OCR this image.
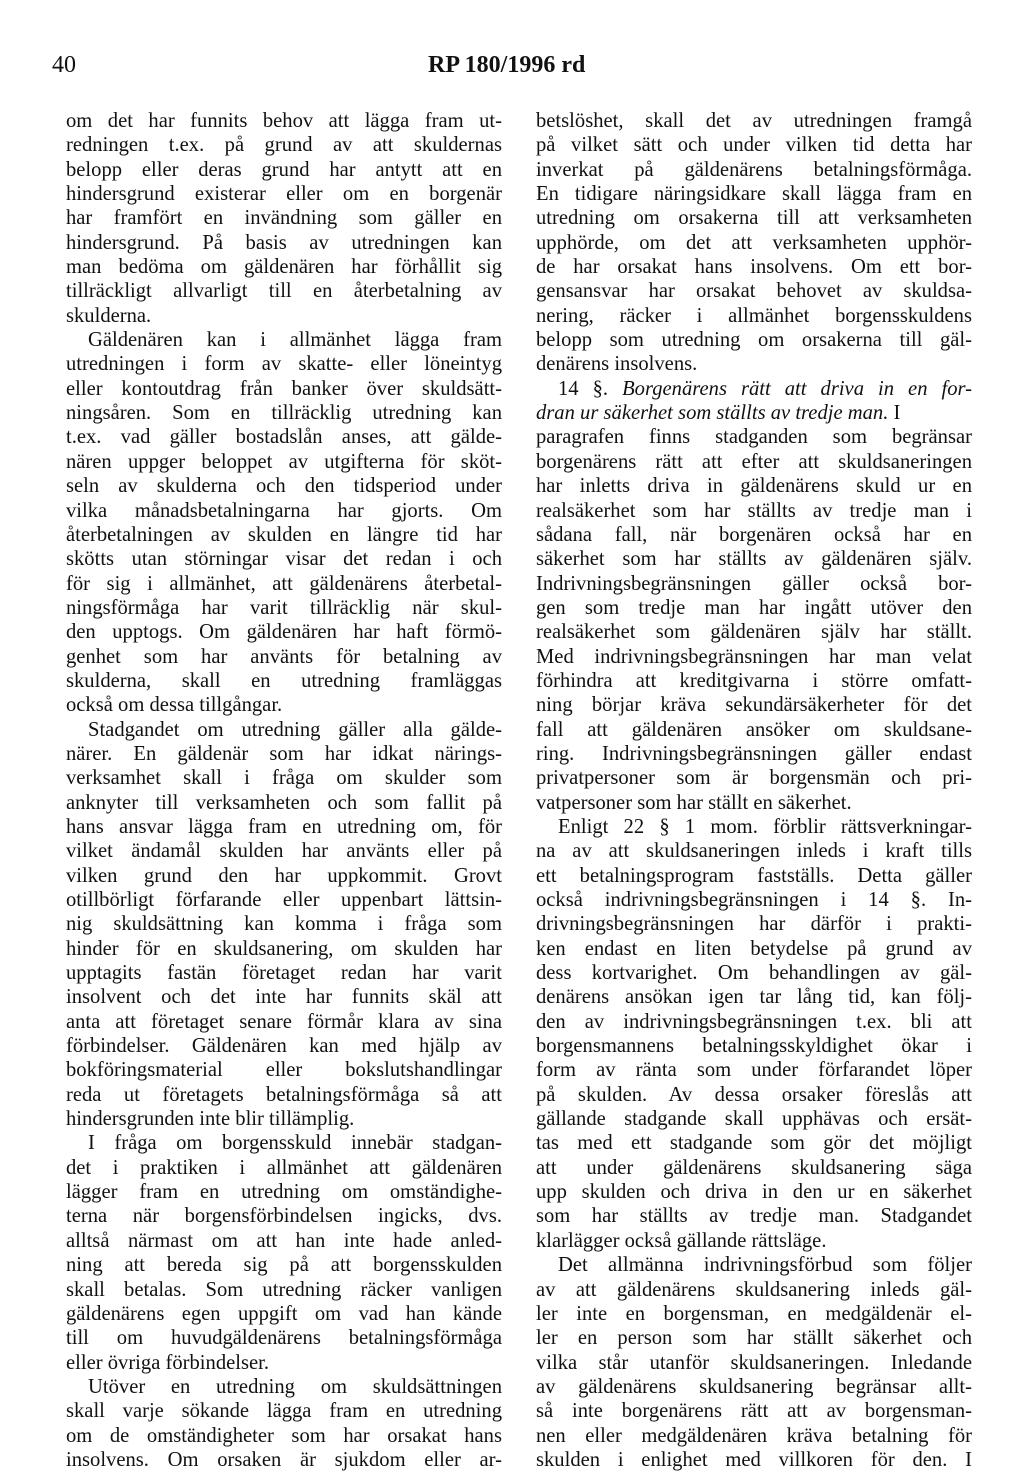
40	RP 180/1996 rd
om det har funnits behov att lägga fram ut-
redningen t.ex. på grund av att skuldernas
belopp eller deras grund har antytt att en
hindersgrund existerar eller om en borgenär
har framfört en invändning som gäller en
hindersgrund. På basis av utredningen kan
man bedöma om gäldenären har förhållit sig
tillräckligt allvarligt till en återbetalning av
skulderna.
Gäldenären kan i allmänhet lägga fram
utredningen i form av skatte- eller löneintyg
eller kontoutdrag från banker över skuldsätt-
ningsåren. Som en tillräcklig utredning kan
t.ex. vad gäller bostadslån anses, att gälde-
nären uppger beloppet av utgifterna för sköt-
seln av skulderna och den tidsperiod under
vilka månadsbetalningarna har gjorts. Om
återbetalningen av skulden en längre tid har
skötts utan störningar visar det redan i och
för sig i allmänhet, att gäldenärens återbetal-
ningsförmåga har varit tillräcklig när skul-
den upptogs. Om gäldenären har haft förmö-
genhet som har använts för betalning av
skulderna, skall en utredning framläggas
också om dessa tillgångar.
Stadgandet om utredning gäller alla gälde-
närer. En gäldenär som har idkat närings-
verksamhet skall i fråga om skulder som
anknyter till verksamheten och som fallit på
hans ansvar lägga fram en utredning om, för
vilket ändamål skulden har använts eller på
vilken grund den har uppkommit. Grovt
otillbörligt förfarande eller uppenbart lättsin-
nig skuldsättning kan komma i fråga som
hinder för en skuldsanering, om skulden har
upptagits fastän företaget redan har varit
insolvent och det inte har funnits skäl att
anta att företaget senare förmår klara av sina
förbindelser. Gäldenären kan med hjälp av
bokföringsmaterial eller bokslutshandlingar
reda ut företagets betalningsförmåga så att
hindersgrunden inte blir tillämplig.
I fråga om borgensskuld innebär stadgan-
det i praktiken i allmänhet att gäldenären
lägger fram en utredning om omständighe-
terna när borgensförbindelsen ingicks, dvs.
alltså närmast om att han inte hade anled-
ning att bereda sig på att borgensskulden
skall betalas. Som utredning räcker vanligen
gäldenärens egen uppgift om vad han kände
till om huvudgäldenärens betalningsförmåga
eller övriga förbindelser.
Utöver en utredning om skuldsättningen
skall varje sökande lägga fram en utredning
om de omständigheter som har orsakat hans
insolvens. Om orsaken är sjukdom eller ar-
betslöshet, skall det av utredningen framgå
på vilket sätt och under vilken tid detta har
inverkat på gäldenärens betalningsförmåga.
En tidigare näringsidkare skall lägga fram en
utredning om orsakerna till att verksamheten
upphörde, om det att verksamheten upphör-
de har orsakat hans insolvens. Om ett bor-
gensansvar har orsakat behovet av skuldsa-
nering, räcker i allmänhet borgensskuldens
belopp som utredning om orsakerna till gäl-
denärens insolvens.
14 §. Borgenärens rätt att driva in en for-
dran ur säkerhet som ställts av tredje man. I
paragrafen finns stadganden som begränsar
borgenärens rätt att efter att skuldsaneringen
har inletts driva in gäldenärens skuld ur en
realsäkerhet som har ställts av tredje man i
sådana fall, när borgenären också har en
säkerhet som har ställts av gäldenären själv.
Indrivningsbegränsningen gäller också bor-
gen som tredje man har ingått utöver den
realsäkerhet som gäldenären själv har ställt.
Med indrivningsbegränsningen har man velat
förhindra att kreditgivarna i större omfatt-
ning börjar kräva sekundärsäkerheter för det
fall att gäldenären ansöker om skuldsane-
ring. Indrivningsbegränsningen gäller endast
privatpersoner som är borgensmän och pri-
vatpersoner som har ställt en säkerhet.
Enligt 22 § 1 mom. förblir rättsverkningar-
na av att skuldsaneringen inleds i kraft tills
ett betalningsprogram fastställs. Detta gäller
också indrivningsbegränsningen i 14 §. In-
drivningsbegränsningen har därför i prakti-
ken endast en liten betydelse på grund av
dess kortvarighet. Om behandlingen av gäl-
denärens ansökan igen tar lång tid, kan följ-
den av indrivningsbegränsningen t.ex. bli att
borgensmannens betalningsskyldighet ökar i
form av ränta som under förfarandet löper
på skulden. Av dessa orsaker föreslås att
gällande stadgande skall upphävas och ersät-
tas med ett stadgande som gör det möjligt
att under gäldenärens skuldsanering säga
upp skulden och driva in den ur en säkerhet
som har ställts av tredje man. Stadgandet
klarlägger också gällande rättsläge.
Det allmänna indrivningsförbud som följer
av att gäldenärens skuldsanering inleds gäl-
ler inte en borgensman, en medgäldenär el-
ler en person som har ställt säkerhet och
vilka står utanför skuldsaneringen. Inledande
av gäldenärens skuldsanering begränsar allt-
så inte borgenärens rätt att av borgensman-
nen eller medgäldenären kräva betalning för
skulden i enlighet med villkoren för den. I
